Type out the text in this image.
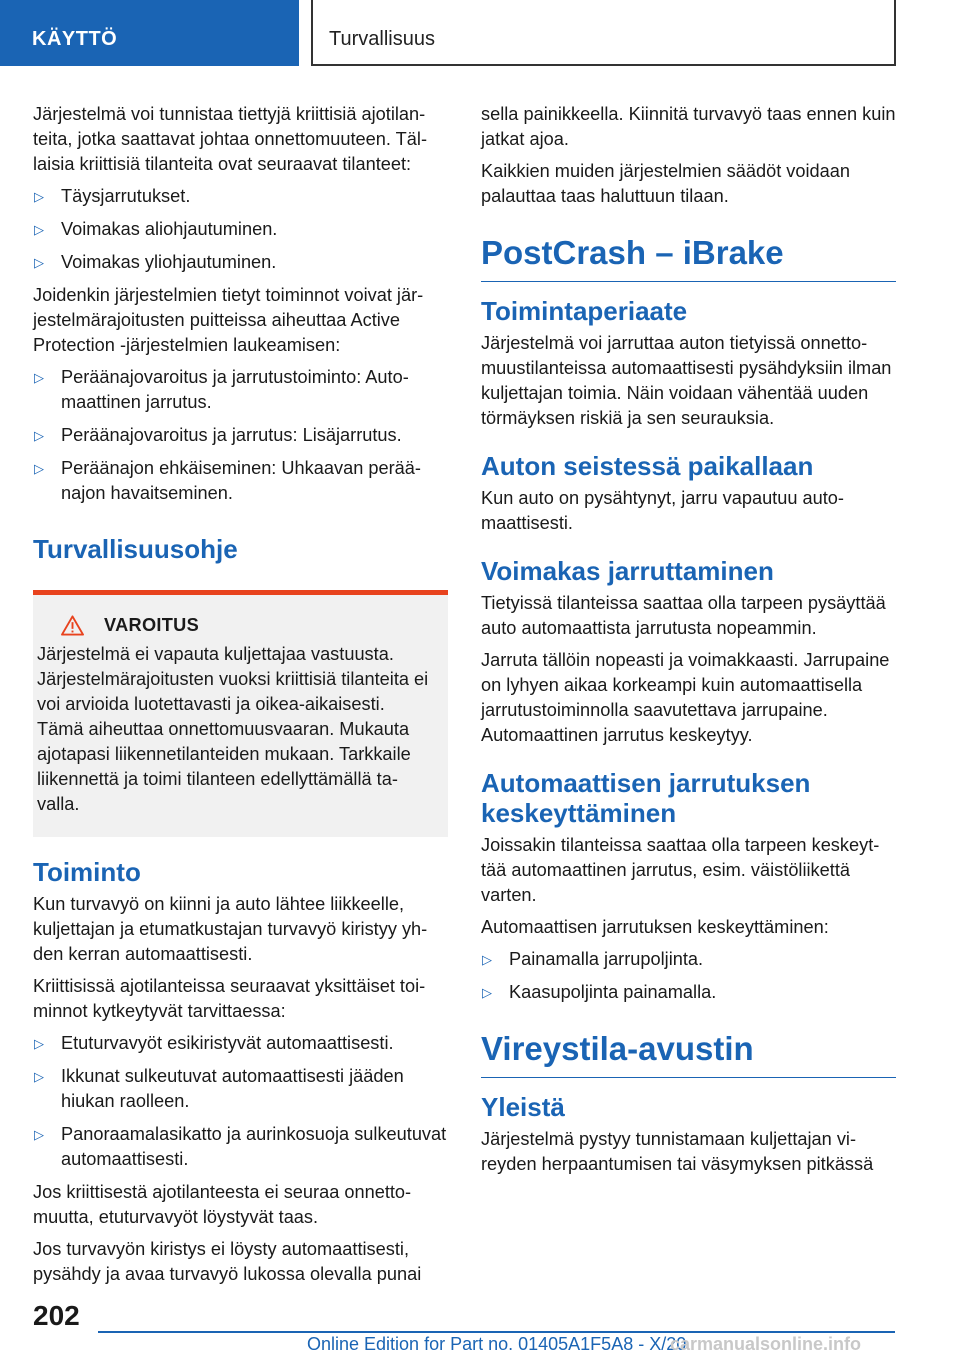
KÄYTTÖ	Turvallisuus

Järjestelmä voi tunnistaa tiettyjä kriittisiä ajotilanteita, jotka saattavat johtaa onnettomuuteen. Tällaisia kriittisiä tilanteita ovat seuraavat tilanteet:

▷ Täysjarrutukset.
▷ Voimakas aliohjautuminen.
▷ Voimakas yliohjautuminen.

Joidenkin järjestelmien tietyt toiminnot voivat järjestelmärajoitusten puitteissa aiheuttaa Active Protection -järjestelmien laukeamisen:

▷ Peräänajovaroitus ja jarrutustoiminto: Automaattinen jarrutus.
▷ Peräänajovaroitus ja jarrutus: Lisäjarrutus.
▷ Peräänajon ehkäiseminen: Uhkaavan peräänajon havaitseminen.
Turvallisuusohje
VAROITUS

Järjestelmä ei vapauta kuljettajaa vastuusta. Järjestelmärajoitusten vuoksi kriittisiä tilanteita ei voi arvioida luotettavasti ja oikea-aikaisesti. Tämä aiheuttaa onnettomuusvaaran. Mukauta ajotapasi liikennetilanteiden mukaan. Tarkkaile liikennettä ja toimi tilanteen edellyttämällä tavalla.

Toiminto

Kun turvavyö on kiinni ja auto lähtee liikkeelle, kuljettajan ja etumatkustajan turvavyö kiristyy yhden kerran automaattisesti.

Kriittisissä ajotilanteissa seuraavat yksittäiset toiminnot kytkeytyvät tarvittaessa:

▷ Etuturvavyöt esikiristyvät automaattisesti.
▷ Ikkunat sulkeutuvat automaattisesti jääden hiukan raolleen.
▷ Panoraamalasikatto ja aurinkosuoja sulkeutuvat automaattisesti.

Jos kriittisestä ajotilanteesta ei seuraa onnettomuutta, etuturvavyöt löystyvät taas.

Jos turvavyön kiristys ei löysty automaattisesti, pysähdy ja avaa turvavyö lukossa olevalla punai

sella painikkeella. Kiinnitä turvavyö taas ennen kuin jatkat ajoa.

Kaikkien muiden järjestelmien säädöt voidaan palauttaa taas haluttuun tilaan.

PostCrash – iBrake
Toimintaperiaate

Järjestelmä voi jarruttaa auton tietyissä onnettomuustilanteissa automaattisesti pysähdyksiin ilman kuljettajan toimia. Näin voidaan vähentää uuden törmäyksen riskiä ja sen seurauksia.

Auton seistessä paikallaan

Kun auto on pysähtynyt, jarru vapautuu automaattisesti.

Voimakas jarruttaminen

Tietyissä tilanteissa saattaa olla tarpeen pysäyttää auto automaattista jarrutusta nopeammin.

Jarruta tällöin nopeasti ja voimakkaasti. Jarrupaine on lyhyen aikaa korkeampi kuin automaattisella jarrutustoiminnolla saavutettava jarrupaine. Automaattinen jarrutus keskeytyy.

Automaattisen jarrutuksen keskeyttäminen

Joissakin tilanteissa saattaa olla tarpeen keskeyttää automaattinen jarrutus, esim. väistöliikettä varten.

Automaattisen jarrutuksen keskeyttäminen:

▷ Painamalla jarrupoljinta.
▷ Kaasupoljinta painamalla.
Vireystila-avustin
Yleistä

Järjestelmä pystyy tunnistamaan kuljettajan vireyden herpaantumisen tai väsymyksen pitkässä

202
Online Edition for Part no. 01405A1F5A8 - X/20
carmanualsonline.info
